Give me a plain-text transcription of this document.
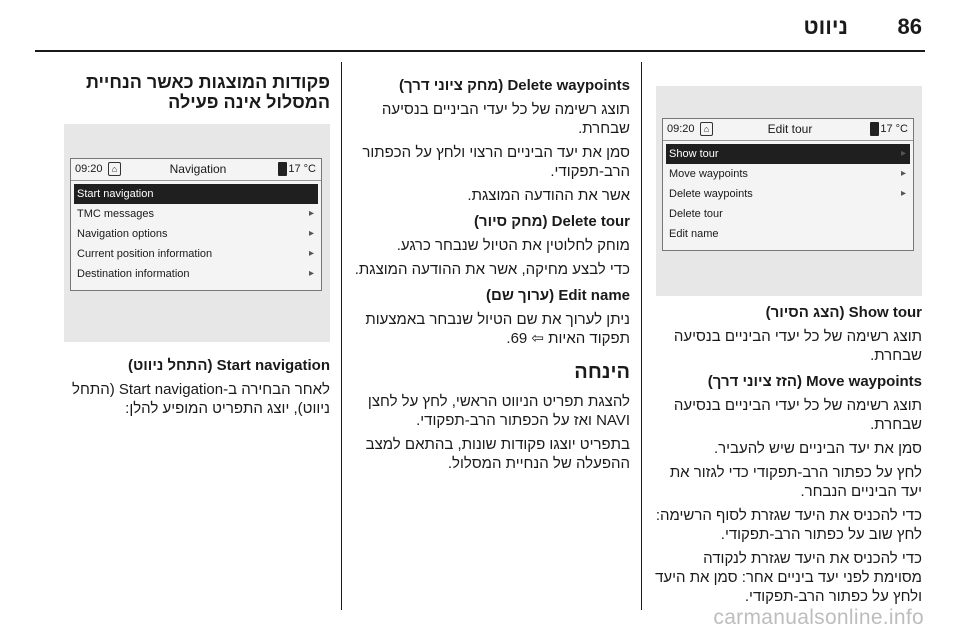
86
ניווט
09:20	⌂	Edit tour	17 °C
Show tour	▸
Move waypoints	▸
Delete waypoints	▸
Delete tour
Edit name
Show tour (הצג הסיור)
תוצג רשימה של כל יעדי הביניים בנסיעה שבחרת.
Move waypoints (הזז ציוני דרך)
תוצג רשימה של כל יעדי הביניים בנסיעה שבחרת.
סמן את יעד הביניים שיש להעביר.
לחץ על כפתור הרב-תפקודי כדי לגזור את יעד הביניים הנבחר.
כדי להכניס את היעד שגזרת לסוף הרשימה: לחץ שוב על כפתור הרב-תפקודי.
כדי להכניס את היעד שגזרת לנקודה מסוימת לפני יעד ביניים אחר: סמן את היעד ולחץ על כפתור הרב-תפקודי.
Delete waypoints (מחק ציוני דרך)
תוצג רשימה של כל יעדי הביניים בנסיעה שבחרת.
סמן את יעד הביניים הרצוי ולחץ על הכפתור הרב-תפקודי.
אשר את ההודעה המוצגת.
Delete tour (מחק סיור)
מוחק לחלוטין את הטיול שנבחר כרגע.
כדי לבצע מחיקה, אשר את ההודעה המוצגת.
Edit name (ערוך שם)
ניתן לערוך את שם הטיול שנבחר באמצעות תפקוד האיות ⇦ 69.
הינחה
להצגת תפריט הניווט הראשי, לחץ על לחצן NAVI ואז על הכפתור הרב-תפקודי.
בתפריט יוצגו פקודות שונות, בהתאם למצב ההפעלה של הנחיית המסלול.
פקודות המוצגות כאשר הנחיית
המסלול אינה פעילה
09:20	⌂	Navigation	17 °C
Start navigation
TMC messages	▸
Navigation options	▸
Current position information	▸
Destination information	▸
Start navigation (התחל ניווט)
לאחר הבחירה ב-Start navigation (התחל ניווט), יוצג התפריט המופיע להלן:
carmanualsonline.info
